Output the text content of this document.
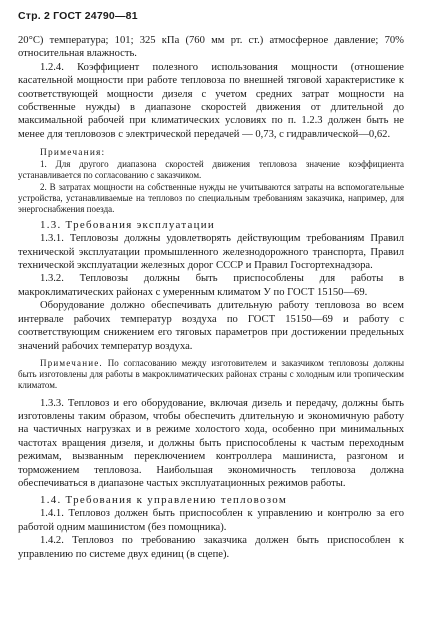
Стр. 2 ГОСТ 24790—81

20°С) температура; 101; 325 кПа (760 мм рт. ст.) атмосферное давление; 70% относительная влажность.

1.2.4. Коэффициент полезного использования мощности (отношение касательной мощности при работе тепловоза по внешней тяговой характеристике к соответствующей мощности дизеля с учетом средних затрат мощности на собственные нужды) в диапазоне скоростей движения от длительной до максимальной рабочей при климатических условиях по п. 1.2.3 должен быть не менее для тепловозов с электрической передачей — 0,73, с гидравлической—0,62.

Примечания:

1. Для другого диапазона скоростей движения тепловоза значение коэффициента устанавливается по согласованию с заказчиком.

2. В затратах мощности на собственные нужды не учитываются затраты на вспомогательные устройства, устанавливаемые на тепловоз по специальным требованиям заказчика, например, для энергоснабжения поезда.

1.3. Требования эксплуатации

1.3.1. Тепловозы должны удовлетворять действующим требованиям Правил технической эксплуатации промышленного железнодорожного транспорта, Правил технической эксплуатации железных дорог СССР и Правил Госгортехнадзора.

1.3.2. Тепловозы должны быть приспособлены для работы в макроклиматических районах с умеренным климатом У по ГОСТ 15150—69.

Оборудование должно обеспечивать длительную работу тепловоза во всем интервале рабочих температур воздуха по ГОСТ 15150—69 и работу с соответствующим снижением его тяговых параметров при достижении предельных значений рабочих температур воздуха.

Примечание. По согласованию между изготовителем и заказчиком тепловозы должны быть изготовлены для работы в макроклиматических районах страны с холодным или тропическим климатом.

1.3.3. Тепловоз и его оборудование, включая дизель и передачу, должны быть изготовлены таким образом, чтобы обеспечить длительную и экономичную работу на частичных нагрузках и в режиме холостого хода, особенно при минимальных частотах вращения дизеля, и должны быть приспособлены к частым переходным режимам, вызванным переключением контроллера машиниста, разгоном и торможением тепловоза. Наибольшая экономичность тепловоза должна обеспечиваться в диапазоне частых эксплуатационных режимов работы.

1.4. Требования к управлению тепловозом

1.4.1. Тепловоз должен быть приспособлен к управлению и контролю за его работой одним машинистом (без помощника).

1.4.2. Тепловоз по требованию заказчика должен быть приспособлен к управлению по системе двух единиц (в сцепе).
